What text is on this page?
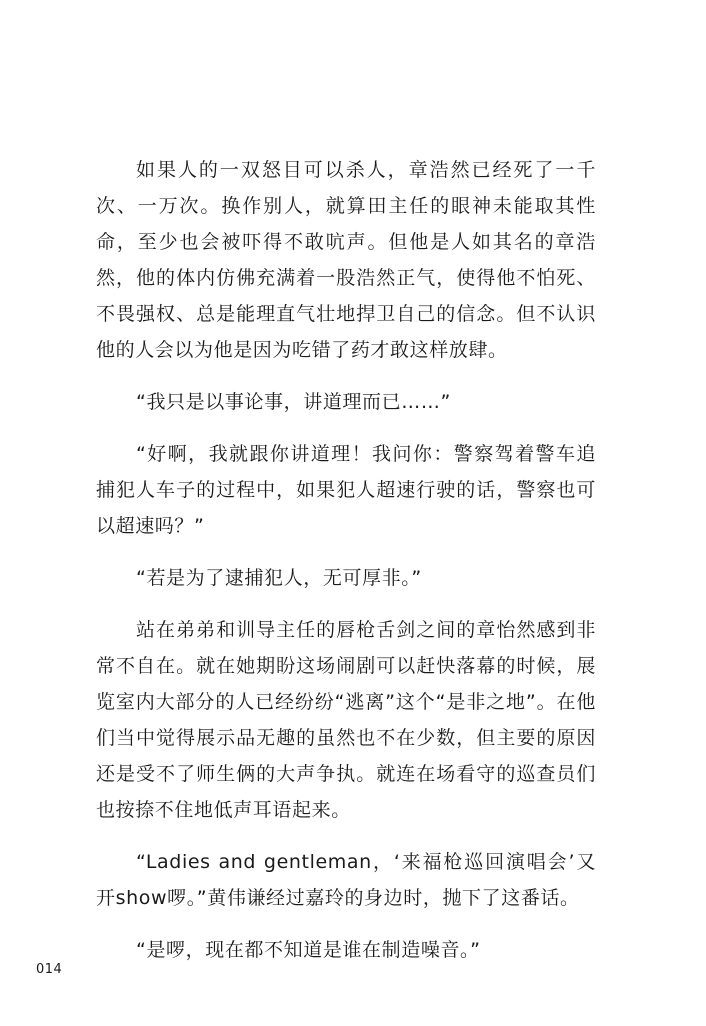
如果人的一双怒目可以杀人，章浩然已经死了一千次、一万次。换作别人，就算田主任的眼神未能取其性命，至少也会被吓得不敢吭声。但他是人如其名的章浩然，他的体内仿佛充满着一股浩然正气，使得他不怕死、不畏强权、总是能理直气壮地捍卫自己的信念。但不认识他的人会以为他是因为吃错了药才敢这样放肆。

“我只是以事论事，讲道理而已……”

“好啊，我就跟你讲道理！我问你：警察驾着警车追捕犯人车子的过程中，如果犯人超速行驶的话，警察也可以超速吗？”

“若是为了逮捕犯人，无可厚非。”

站在弟弟和训导主任的唇枪舌剑之间的章怡然感到非常不自在。就在她期盼这场闹剧可以赶快落幕的时候，展览室内大部分的人已经纷纷“逃离”这个“是非之地”。在他们当中觉得展示品无趣的虽然也不在少数，但主要的原因还是受不了师生俩的大声争执。就连在场看守的巡查员们也按捺不住地低声耳语起来。

“Ladies and gentleman，‘来福枪巡回演唱会’又开show啰。”黄伟谦经过嘉玲的身边时，抛下了这番话。

“是啰，现在都不知道是谁在制造噪音。”

014
